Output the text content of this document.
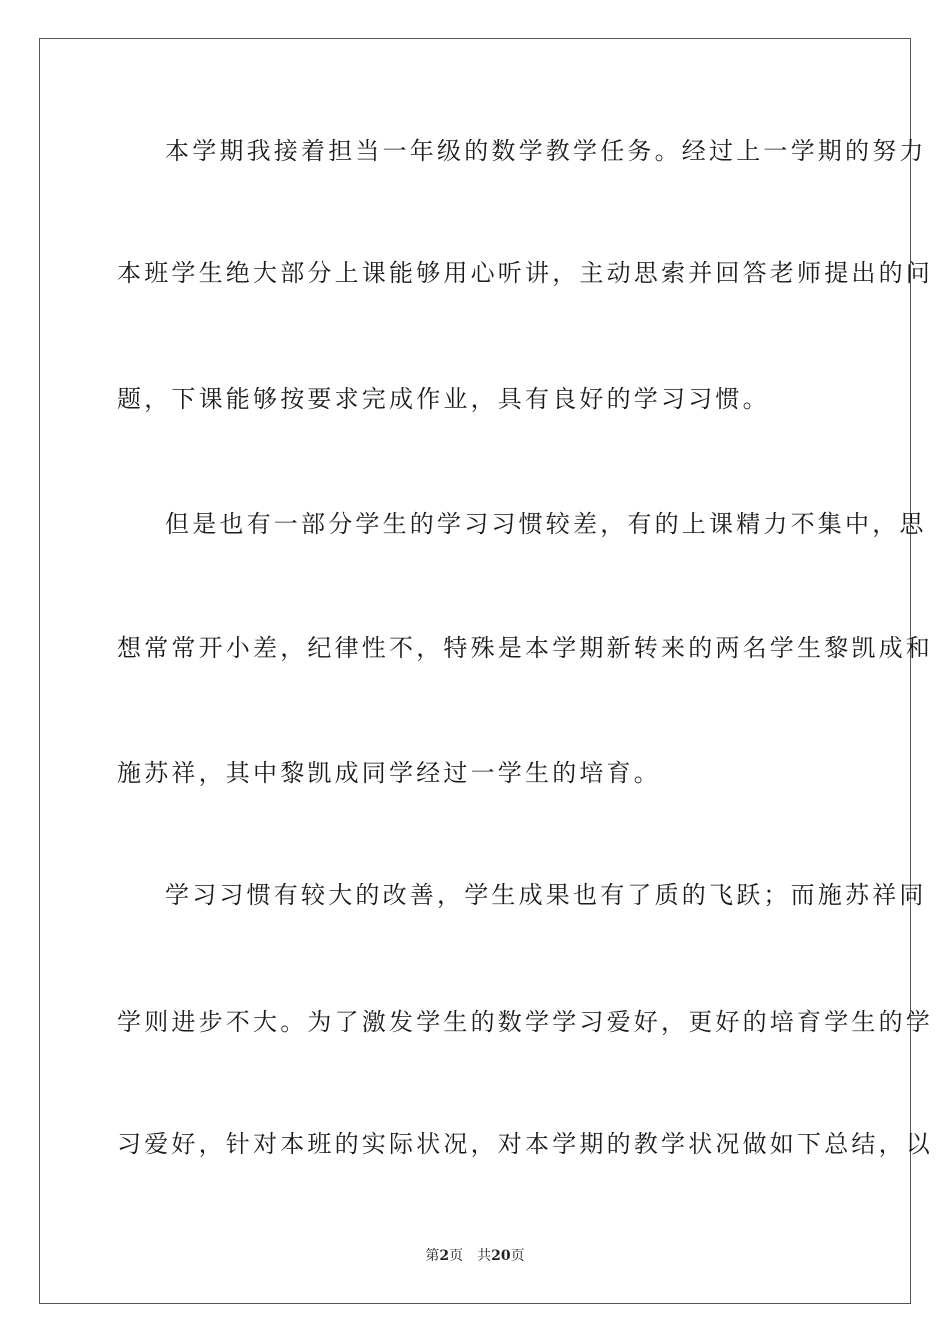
本学期我接着担当一年级的数学教学任务。经过上一学期的努力
本班学生绝大部分上课能够用心听讲，主动思索并回答老师提出的问
题，下课能够按要求完成作业，具有良好的学习习惯。
但是也有一部分学生的学习习惯较差，有的上课精力不集中，思
想常常开小差，纪律性不，特殊是本学期新转来的两名学生黎凯成和
施苏祥，其中黎凯成同学经过一学生的培育。
学习习惯有较大的改善，学生成果也有了质的飞跃；而施苏祥同
学则进步不大。为了激发学生的数学学习爱好，更好的培育学生的学
习爱好，针对本班的实际状况，对本学期的教学状况做如下总结，以
第2页 共20页
